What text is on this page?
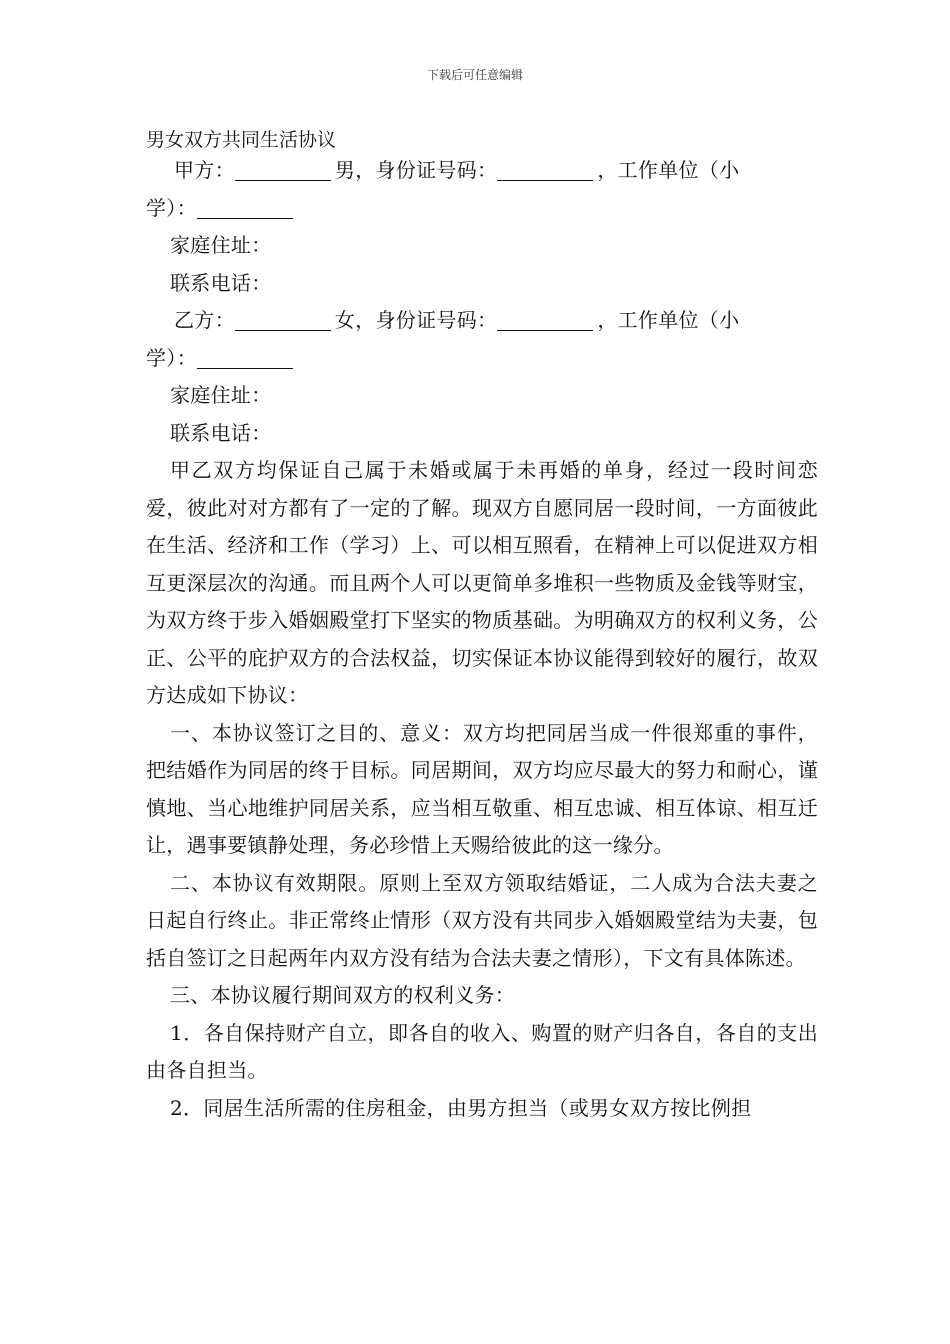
下载后可任意编辑
男女双方共同生活协议

甲方：	男，身份证号码：	，工作单位（小

学）：

家庭住址：

联系电话：

乙方：	女，身份证号码：	，工作单位（小

学）：

家庭住址：

联系电话：

甲乙双方均保证自己属于未婚或属于未再婚的单身，经过一段时间恋爱，彼此对对方都有了一定的了解。现双方自愿同居一段时间，一方面彼此在生活、经济和工作（学习）上、可以相互照看，在精神上可以促进双方相互更深层次的沟通。而且两个人可以更简单多堆积一些物质及金钱等财宝，为双方终于步入婚姻殿堂打下坚实的物质基础。为明确双方的权利义务，公正、公平的庇护双方的合法权益，切实保证本协议能得到较好的履行，故双方达成如下协议：

一、本协议签订之目的、意义：双方均把同居当成一件很郑重的事件，把结婚作为同居的终于目标。同居期间，双方均应尽最大的努力和耐心，谨慎地、当心地维护同居关系，应当相互敬重、相互忠诚、相互体谅、相互迁让，遇事要镇静处理，务必珍惜上天赐给彼此的这一缘分。

二、本协议有效期限。原则上至双方领取结婚证，二人成为合法夫妻之日起自行终止。非正常终止情形（双方没有共同步入婚姻殿堂结为夫妻，包括自签订之日起两年内双方没有结为合法夫妻之情形），下文有具体陈述。

三、本协议履行期间双方的权利义务：

1．各自保持财产自立，即各自的收入、购置的财产归各自，各自的支出由各自担当。

2．同居生活所需的住房租金，由男方担当（或男女双方按比例担
